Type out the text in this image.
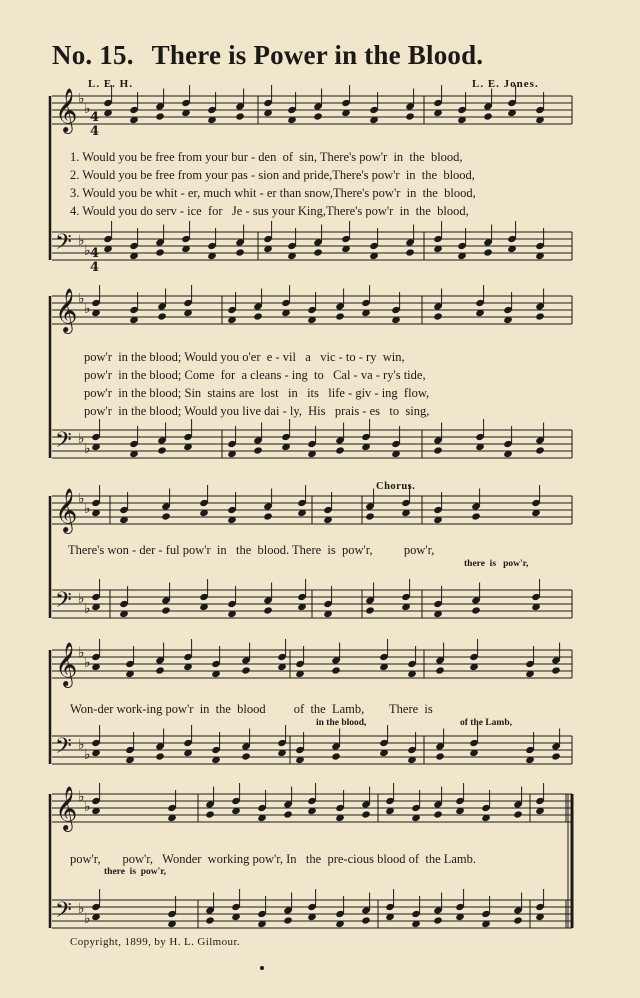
No. 15. There is Power in the Blood.
L. E. H.	L. E. Jones.
𝄞 ♭
♭
𝄢 ♭
♭
𝄞 ♭
♭
𝄢 ♭
♭
𝄞 ♭
♭
𝄢 ♭
♭
𝄞 ♭
♭
𝄢 ♭
♭
𝄞 ♭
♭
𝄢 ♭
♭
4
4
4
4
1. Would you be free from your bur - den  of  sin, There's pow'r  in  the  blood,
2. Would you be free from your pas - sion and pride,There's pow'r  in  the  blood,
3. Would you be whit - er, much whit - er than snow,There's pow'r  in  the  blood,
4. Would you do serv - ice  for   Je - sus your King,There's pow'r  in  the  blood,
pow'r  in the blood; Would you o'er  e - vil   a   vic - to - ry  win,
pow'r  in the blood; Come  for  a cleans - ing  to   Cal - va - ry's tide,
pow'r  in the blood; Sin  stains are  lost   in   its   life - giv - ing  flow,
pow'r  in the blood; Would you live dai - ly,  His   prais - es   to  sing,
Chorus.
There's won - der - ful pow'r  in   the  blood. There  is  pow'r,          pow'r,
there  is   pow'r,
Won-der work-ing pow'r  in  the  blood         of  the  Lamb,        There  is
in the blood,	of the Lamb,
pow'r,       pow'r,   Wonder  working pow'r, In   the  pre-cious blood of  the Lamb.
there  is  pow'r,
Copyright, 1899, by H. L. Gilmour.
